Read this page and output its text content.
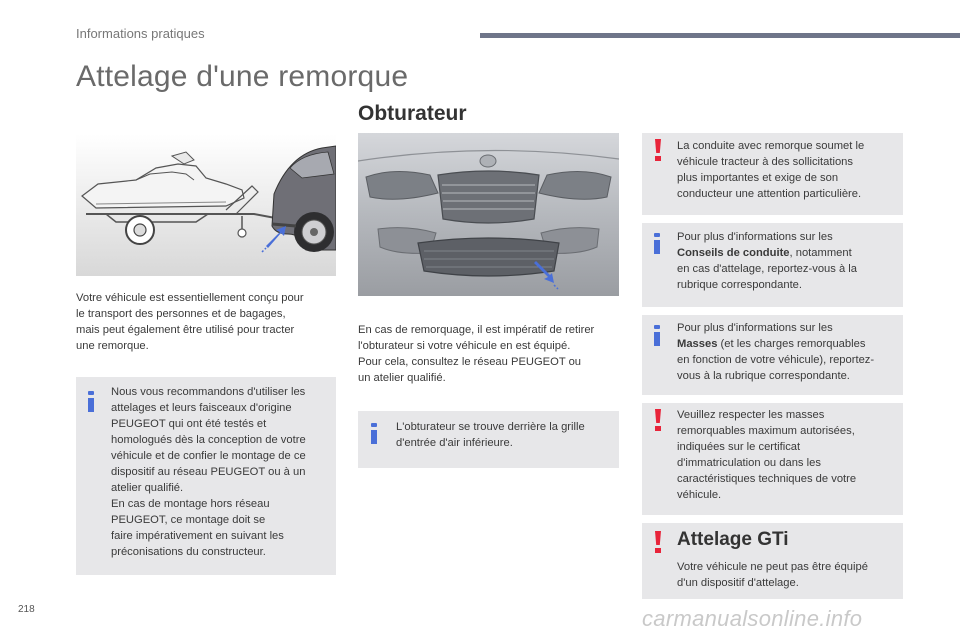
Informations pratiques
Attelage d'une remorque
Votre véhicule est essentiellement conçu pour
le transport des personnes et de bagages,
mais peut également être utilisé pour tracter
une remorque.
Nous vous recommandons d'utiliser les
attelages et leurs faisceaux d'origine
PEUGEOT qui ont été testés et
homologués dès la conception de votre
véhicule et de confier le montage de ce
dispositif au réseau PEUGEOT ou à un
atelier qualifié.
En cas de montage hors réseau
PEUGEOT, ce montage doit se
faire impérativement en suivant les
préconisations du constructeur.
Obturateur
En cas de remorquage, il est impératif de retirer
l'obturateur si votre véhicule en est équipé.
Pour cela, consultez le réseau PEUGEOT ou
un atelier qualifié.
L'obturateur se trouve derrière la grille
d'entrée d'air inférieure.
La conduite avec remorque soumet le
véhicule tracteur à des sollicitations
plus importantes et exige de son
conducteur une attention particulière.
Pour plus d'informations sur les
Conseils de conduite, notamment
en cas d'attelage, reportez-vous à la
rubrique correspondante.
Pour plus d'informations sur les
Masses (et les charges remorquables
en fonction de votre véhicule), reportez-
vous à la rubrique correspondante.
Veuillez respecter les masses
remorquables maximum autorisées,
indiquées sur le certificat
d'immatriculation ou dans les
caractéristiques techniques de votre
véhicule.
Attelage GTi
Votre véhicule ne peut pas être équipé
d'un dispositif d'attelage.
218	carmanualsonline.info
